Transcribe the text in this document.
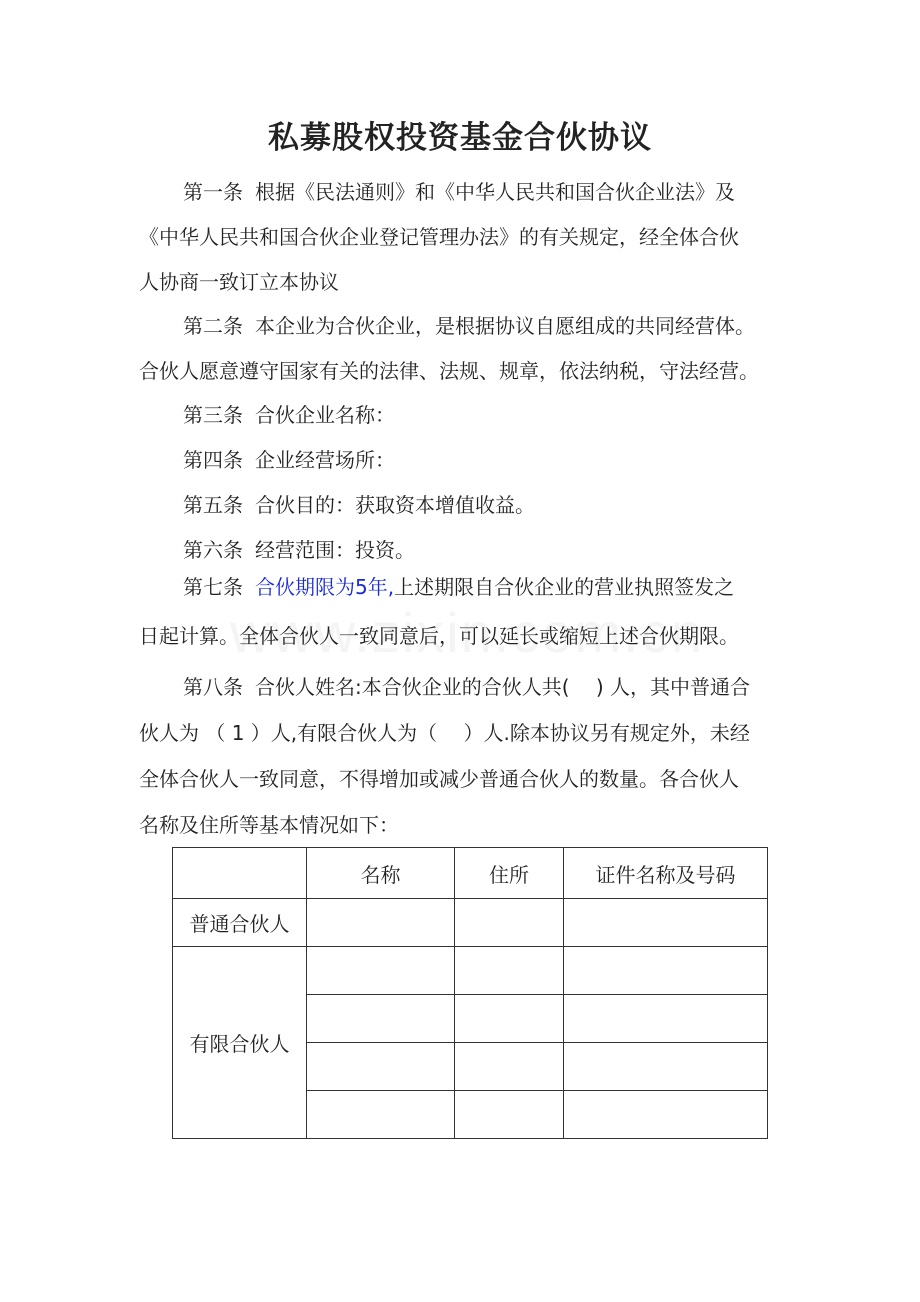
私募股权投资基金合伙协议

第一条 根据《民法通则》和《中华人民共和国合伙企业法》及
《中华人民共和国合伙企业登记管理办法》的有关规定，经全体合伙
人协商一致订立本协议

第二条 本企业为合伙企业，是根据协议自愿组成的共同经营体。
合伙人愿意遵守国家有关的法律、法规、规章，依法纳税，守法经营。

第三条 合伙企业名称：

第四条 企业经营场所：

第五条 合伙目的：获取资本增值收益。

第六条 经营范围：投资。

第七条 合伙期限为5年,上述期限自合伙企业的营业执照签发之
日起计算。全体合伙人一致同意后，可以延长或缩短上述合伙期限。

第八条 合伙人姓名:本合伙企业的合伙人共(　 ) 人，其中普通合
伙人为 （ 1 ）人,有限合伙人为（　 ）人.除本协议另有规定外，未经
全体合伙人一致同意，不得增加或减少普通合伙人的数量。各合伙人
名称及住所等基本情况如下：

	名称	住所	证件名称及号码
普通合伙人			
有限合伙人			
